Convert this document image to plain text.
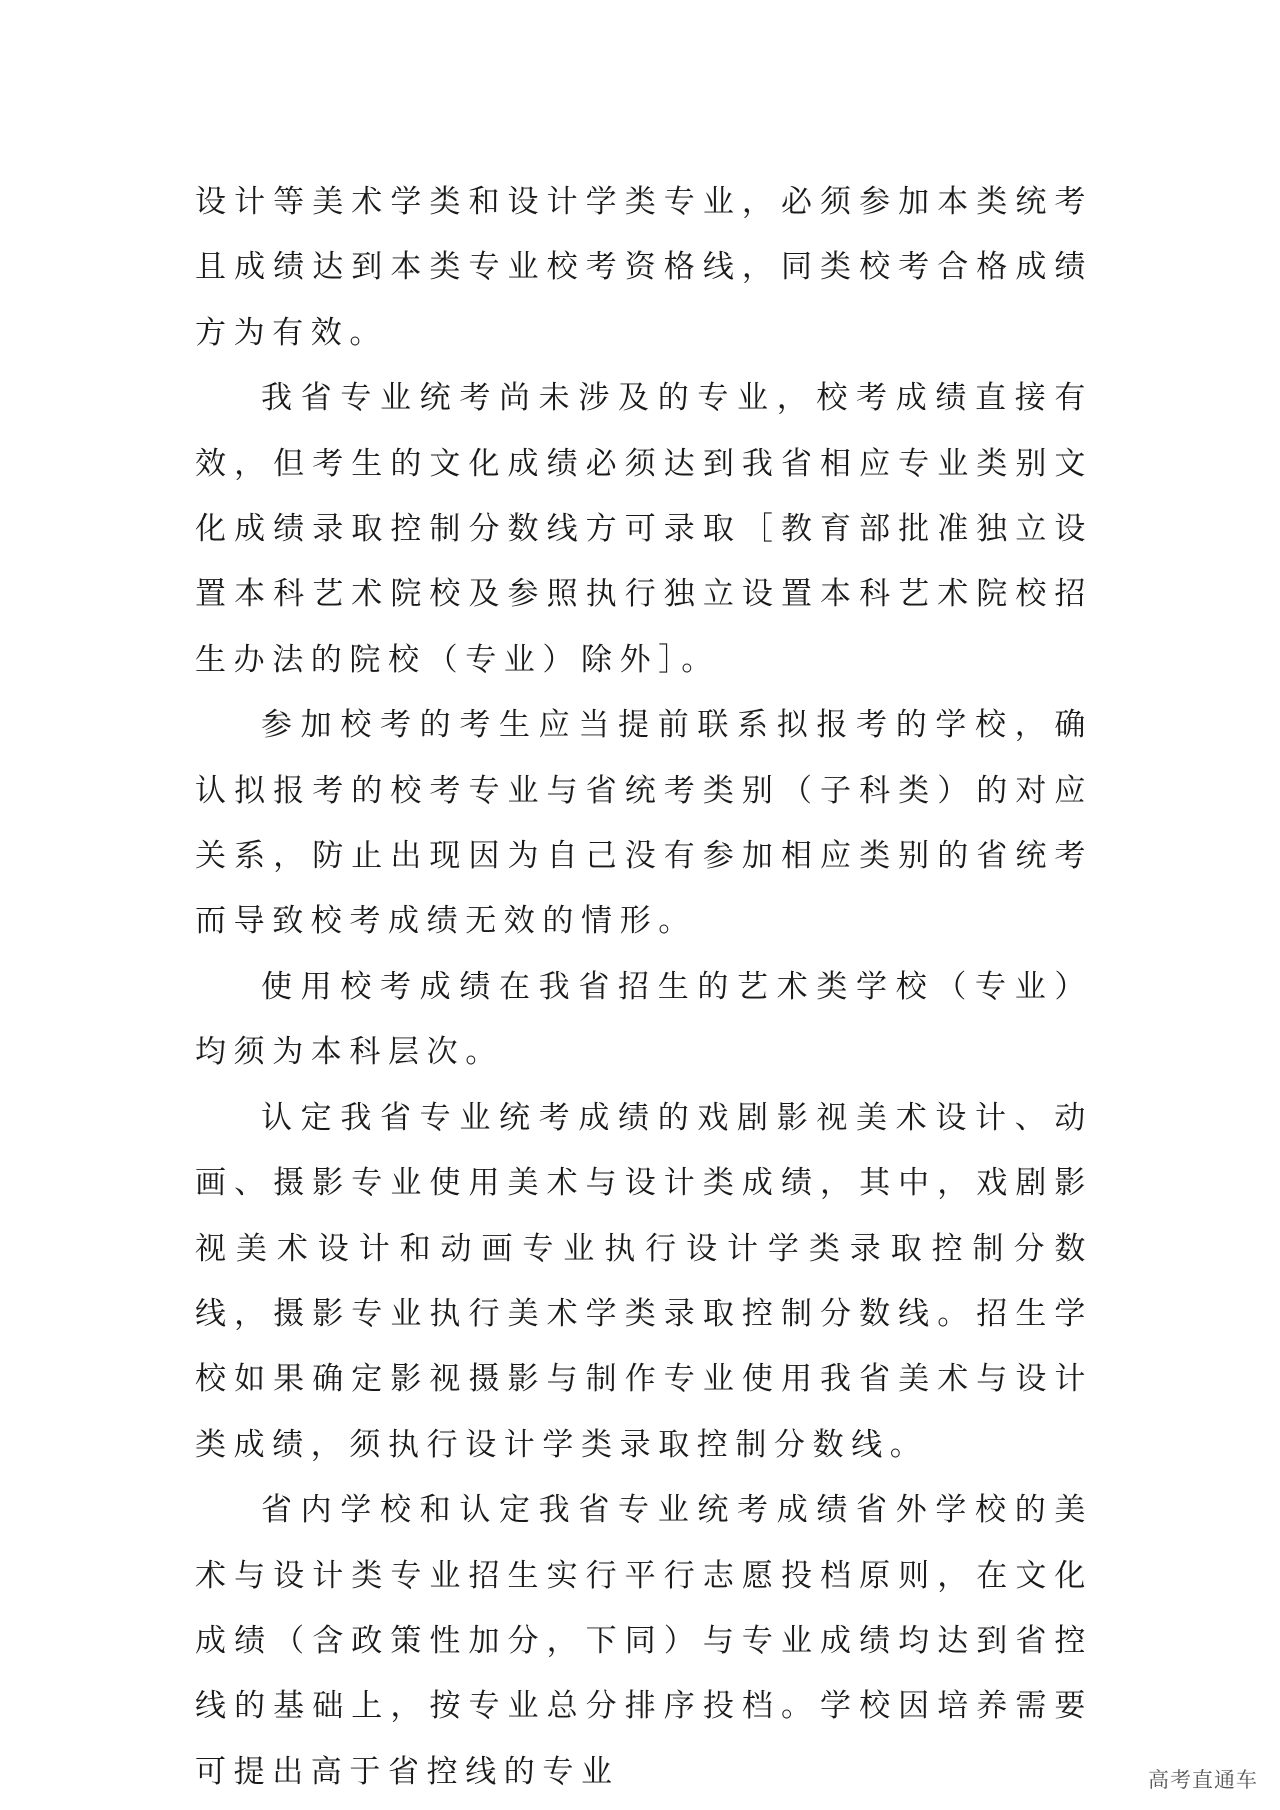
设计等美术学类和设计学类专业，必须参加本类统考且成绩达到本类专业校考资格线，同类校考合格成绩方为有效。

我省专业统考尚未涉及的专业，校考成绩直接有效，但考生的文化成绩必须达到我省相应专业类别文化成绩录取控制分数线方可录取［教育部批准独立设置本科艺术院校及参照执行独立设置本科艺术院校招生办法的院校（专业）除外］。

参加校考的考生应当提前联系拟报考的学校，确认拟报考的校考专业与省统考类别（子科类）的对应关系，防止出现因为自己没有参加相应类别的省统考而导致校考成绩无效的情形。

使用校考成绩在我省招生的艺术类学校（专业）均须为本科层次。

认定我省专业统考成绩的戏剧影视美术设计、动画、摄影专业使用美术与设计类成绩，其中，戏剧影视美术设计和动画专业执行设计学类录取控制分数线，摄影专业执行美术学类录取控制分数线。招生学校如果确定影视摄影与制作专业使用我省美术与设计类成绩，须执行设计学类录取控制分数线。

省内学校和认定我省专业统考成绩省外学校的美术与设计类专业招生实行平行志愿投档原则，在文化成绩（含政策性加分，下同）与专业成绩均达到省控线的基础上，按专业总分排序投档。学校因培养需要可提出高于省控线的专业	高考直通车
